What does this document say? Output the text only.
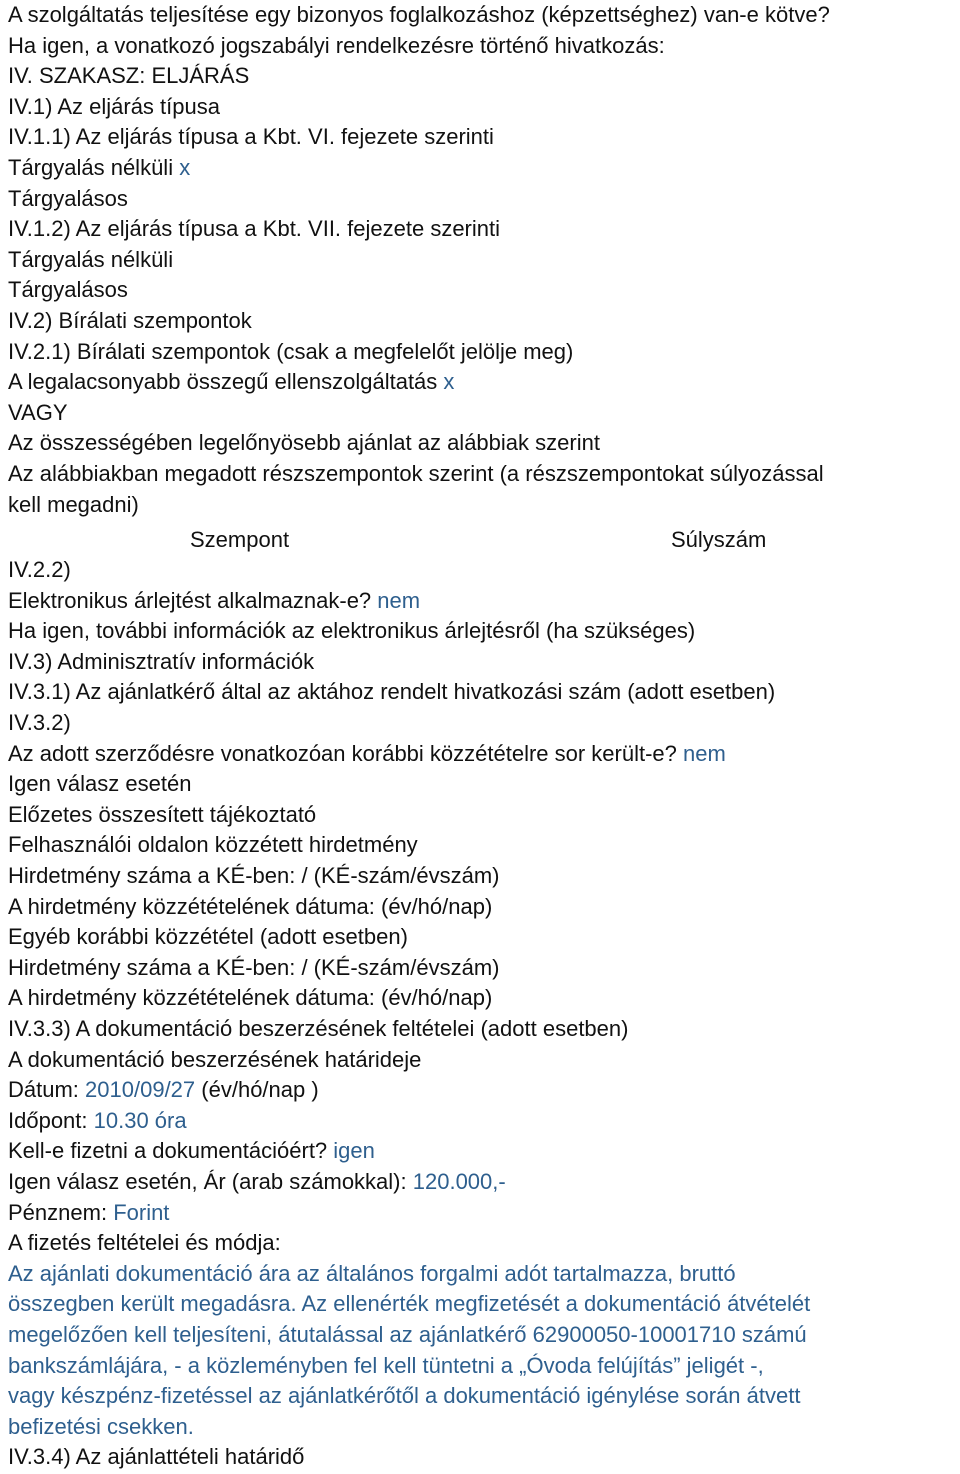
A szolgáltatás teljesítése egy bizonyos foglalkozáshoz (képzettséghez) van-e kötve?
Ha igen, a vonatkozó jogszabályi rendelkezésre történő hivatkozás:
IV. SZAKASZ: ELJÁRÁS
IV.1) Az eljárás típusa
IV.1.1) Az eljárás típusa a Kbt. VI. fejezete szerinti
Tárgyalás nélküli x
Tárgyalásos
IV.1.2) Az eljárás típusa a Kbt. VII. fejezete szerinti
Tárgyalás nélküli
Tárgyalásos
IV.2) Bírálati szempontok
IV.2.1) Bírálati szempontok (csak a megfelelőt jelölje meg)
A legalacsonyabb összegű ellenszolgáltatás x
VAGY
Az összességében legelőnyösebb ajánlat az alábbiak szerint
Az alábbiakban megadott részszempontok szerint (a részszempontokat súlyozással
kell megadni)
Szempont	Súlyszám
IV.2.2)
Elektronikus árlejtést alkalmaznak-e? nem
Ha igen, további információk az elektronikus árlejtésről (ha szükséges)
IV.3) Adminisztratív információk
IV.3.1) Az ajánlatkérő által az aktához rendelt hivatkozási szám (adott esetben)
IV.3.2)
Az adott szerződésre vonatkozóan korábbi közzétételre sor került-e? nem
Igen válasz esetén
Előzetes összesített tájékoztató
Felhasználói oldalon közzétett hirdetmény
Hirdetmény száma a KÉ-ben: / (KÉ-szám/évszám)
A hirdetmény közzétételének dátuma: (év/hó/nap)
Egyéb korábbi közzététel (adott esetben)
Hirdetmény száma a KÉ-ben: / (KÉ-szám/évszám)
A hirdetmény közzétételének dátuma: (év/hó/nap)
IV.3.3) A dokumentáció beszerzésének feltételei (adott esetben)
A dokumentáció beszerzésének határideje
Dátum: 2010/09/27 (év/hó/nap )
Időpont: 10.30 óra
Kell-e fizetni a dokumentációért? igen
Igen válasz esetén, Ár (arab számokkal): 120.000,-
Pénznem: Forint
A fizetés feltételei és módja:
Az ajánlati dokumentáció ára az általános forgalmi adót tartalmazza, bruttó
összegben került megadásra. Az ellenérték megfizetését a dokumentáció átvételét
megelőzően kell teljesíteni, átutalással az ajánlatkérő 62900050-10001710 számú
bankszámlájára, - a közleményben fel kell tüntetni a „Óvoda felújítás” jeligét -,
vagy készpénz-fizetéssel az ajánlatkérőtől a dokumentáció igénylése során átvett
befizetési csekken.
IV.3.4) Az ajánlattételi határidő
